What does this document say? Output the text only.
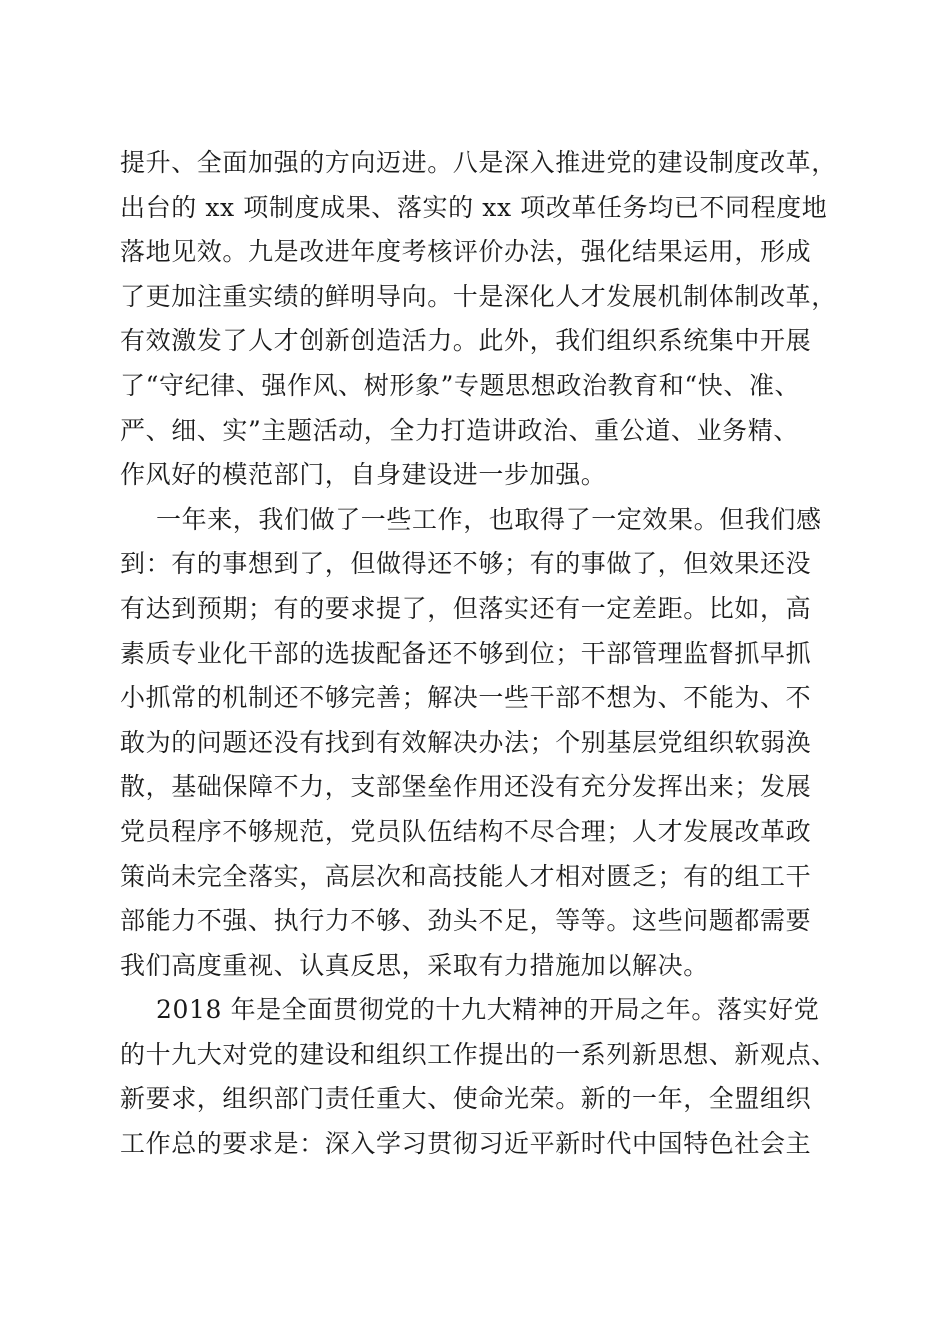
提升、全面加强的方向迈进。八是深入推进党的建设制度改革，
出台的 xx 项制度成果、落实的 xx 项改革任务均已不同程度地
落地见效。九是改进年度考核评价办法，强化结果运用，形成
了更加注重实绩的鲜明导向。十是深化人才发展机制体制改革，
有效激发了人才创新创造活力。此外，我们组织系统集中开展
了“守纪律、强作风、树形象”专题思想政治教育和“快、准、
严、细、实”主题活动，全力打造讲政治、重公道、业务精、
作风好的模范部门，自身建设进一步加强。
一年来，我们做了一些工作，也取得了一定效果。但我们感
到：有的事想到了，但做得还不够；有的事做了，但效果还没
有达到预期；有的要求提了，但落实还有一定差距。比如，高
素质专业化干部的选拔配备还不够到位；干部管理监督抓早抓
小抓常的机制还不够完善；解决一些干部不想为、不能为、不
敢为的问题还没有找到有效解决办法；个别基层党组织软弱涣
散，基础保障不力，支部堡垒作用还没有充分发挥出来；发展
党员程序不够规范，党员队伍结构不尽合理；人才发展改革政
策尚未完全落实，高层次和高技能人才相对匮乏；有的组工干
部能力不强、执行力不够、劲头不足，等等。这些问题都需要
我们高度重视、认真反思，采取有力措施加以解决。
2018 年是全面贯彻党的十九大精神的开局之年。落实好党
的十九大对党的建设和组织工作提出的一系列新思想、新观点、
新要求，组织部门责任重大、使命光荣。新的一年，全盟组织
工作总的要求是：深入学习贯彻习近平新时代中国特色社会主
